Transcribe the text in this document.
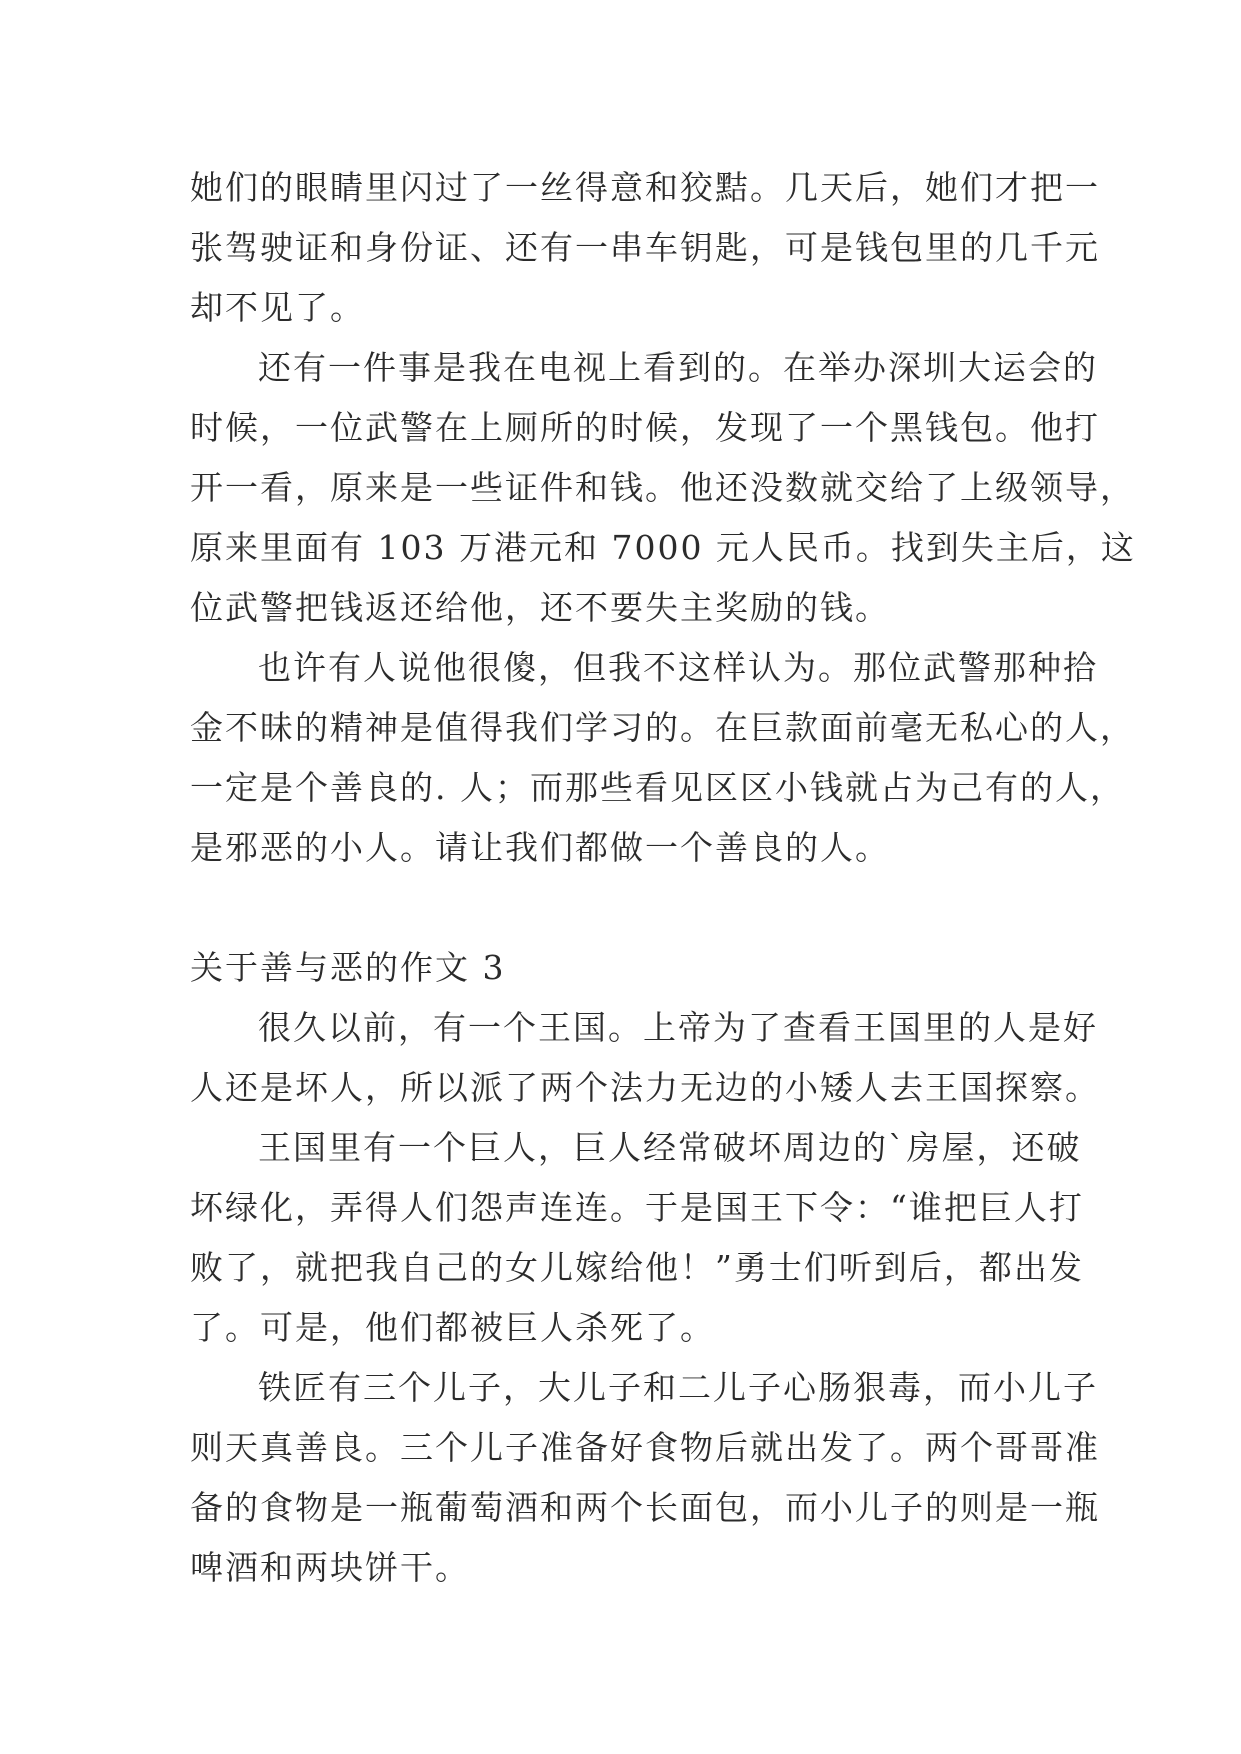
她们的眼睛里闪过了一丝得意和狡黠。几天后，她们才把一
张驾驶证和身份证、还有一串车钥匙，可是钱包里的几千元
却不见了。
还有一件事是我在电视上看到的。在举办深圳大运会的
时候，一位武警在上厕所的时候，发现了一个黑钱包。他打
开一看，原来是一些证件和钱。他还没数就交给了上级领导，
原来里面有 103 万港元和 7000 元人民币。找到失主后，这
位武警把钱返还给他，还不要失主奖励的钱。
也许有人说他很傻，但我不这样认为。那位武警那种拾
金不昧的精神是值得我们学习的。在巨款面前毫无私心的人，
一定是个善良的. 人；而那些看见区区小钱就占为己有的人，
是邪恶的小人。请让我们都做一个善良的人。
关于善与恶的作文 3
很久以前，有一个王国。上帝为了查看王国里的人是好
人还是坏人，所以派了两个法力无边的小矮人去王国探察。
王国里有一个巨人，巨人经常破坏周边的`房屋，还破
坏绿化，弄得人们怨声连连。于是国王下令：“谁把巨人打
败了，就把我自己的女儿嫁给他！”勇士们听到后，都出发
了。可是，他们都被巨人杀死了。
铁匠有三个儿子，大儿子和二儿子心肠狠毒，而小儿子
则天真善良。三个儿子准备好食物后就出发了。两个哥哥准
备的食物是一瓶葡萄酒和两个长面包，而小儿子的则是一瓶
啤酒和两块饼干。
